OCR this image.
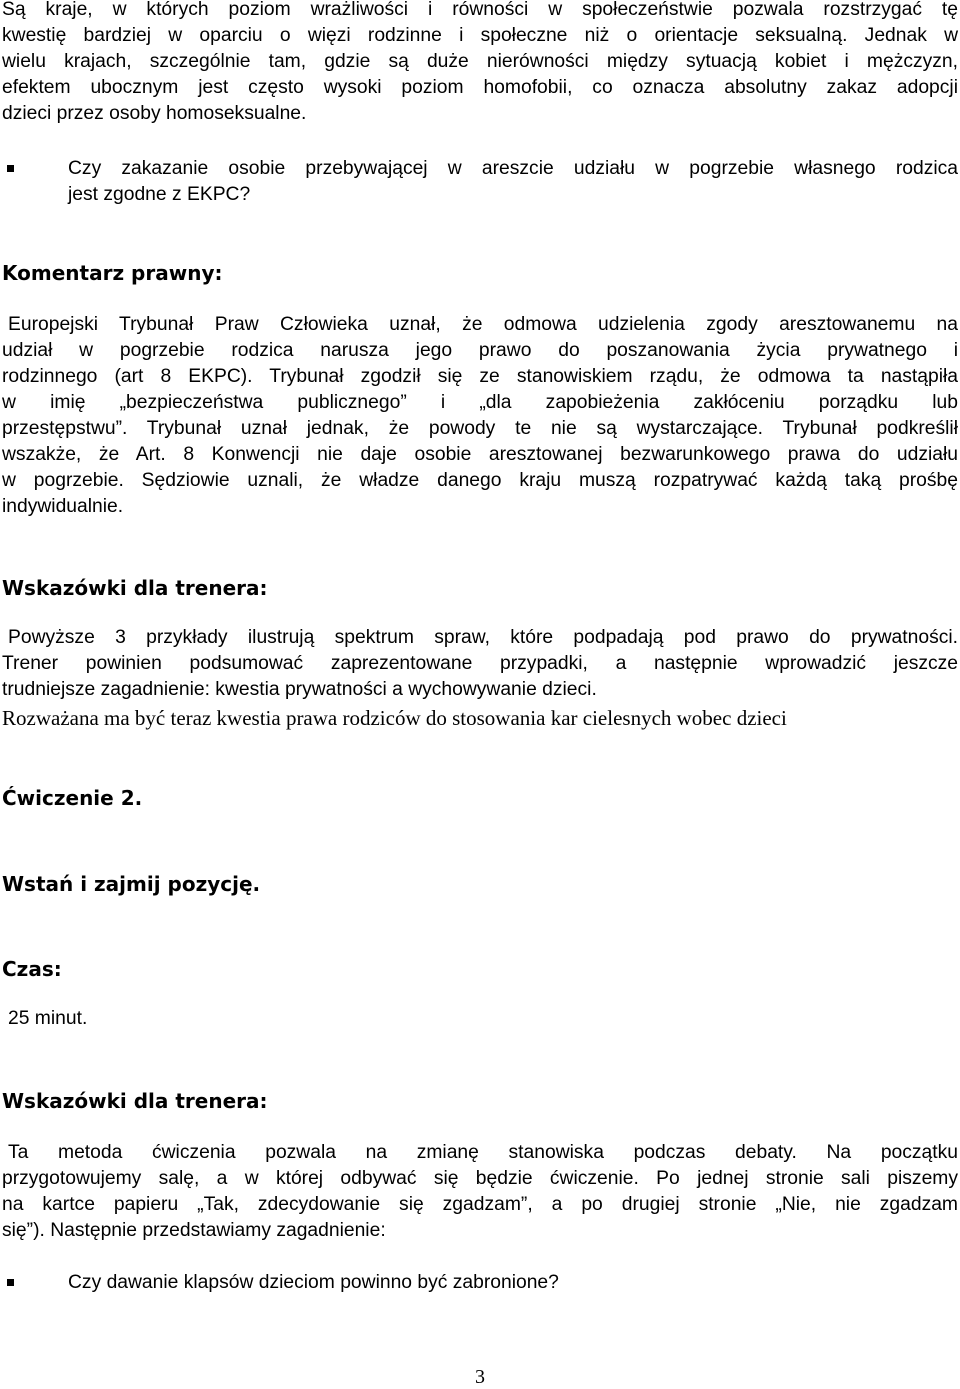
Są kraje, w których poziom wrażliwości i równości w społeczeństwie pozwala rozstrzygać tę
kwestię bardziej w oparciu o więzi rodzinne i społeczne niż o orientacje seksualną. Jednak w
wielu krajach, szczególnie tam, gdzie są duże nierówności między sytuacją kobiet i mężczyzn,
efektem ubocznym jest często wysoki poziom homofobii, co oznacza absolutny zakaz adopcji
dzieci przez osoby homoseksualne.
Czy zakazanie osobie przebywającej w areszcie udziału w pogrzebie własnego rodzica
jest zgodne z EKPC?
Komentarz prawny:
Europejski Trybunał Praw Człowieka uznał, że odmowa udzielenia zgody aresztowanemu na
udział w pogrzebie rodzica narusza jego prawo do poszanowania życia prywatnego i
rodzinnego (art 8 EKPC). Trybunał zgodził się ze stanowiskiem rządu, że odmowa ta nastąpiła
w imię „bezpieczeństwa publicznego” i „dla zapobieżenia zakłóceniu porządku lub
przestępstwu”. Trybunał uznał jednak, że powody te nie są wystarczające. Trybunał podkreślił
wszakże, że Art. 8 Konwencji nie daje osobie aresztowanej bezwarunkowego prawa do udziału
w pogrzebie. Sędziowie uznali, że władze danego kraju muszą rozpatrywać każdą taką prośbę
indywidualnie.
Wskazówki dla trenera:
Powyższe 3 przykłady ilustrują spektrum spraw, które podpadają pod prawo do prywatności.
Trener powinien podsumować zaprezentowane przypadki, a następnie wprowadzić jeszcze
trudniejsze zagadnienie: kwestia prywatności a wychowywanie dzieci.
Rozważana ma być teraz kwestia prawa rodziców do stosowania kar cielesnych wobec dzieci
Ćwiczenie 2.
Wstań i zajmij pozycję.
Czas:
25 minut.
Wskazówki dla trenera:
Ta metoda ćwiczenia pozwala na zmianę stanowiska podczas debaty. Na początku
przygotowujemy salę, a w której odbywać się będzie ćwiczenie. Po jednej stronie sali piszemy
na kartce papieru „Tak, zdecydowanie się zgadzam”, a po drugiej stronie „Nie, nie zgadzam
się”). Następnie przedstawiamy zagadnienie:
Czy dawanie klapsów dzieciom powinno być zabronione?
3
